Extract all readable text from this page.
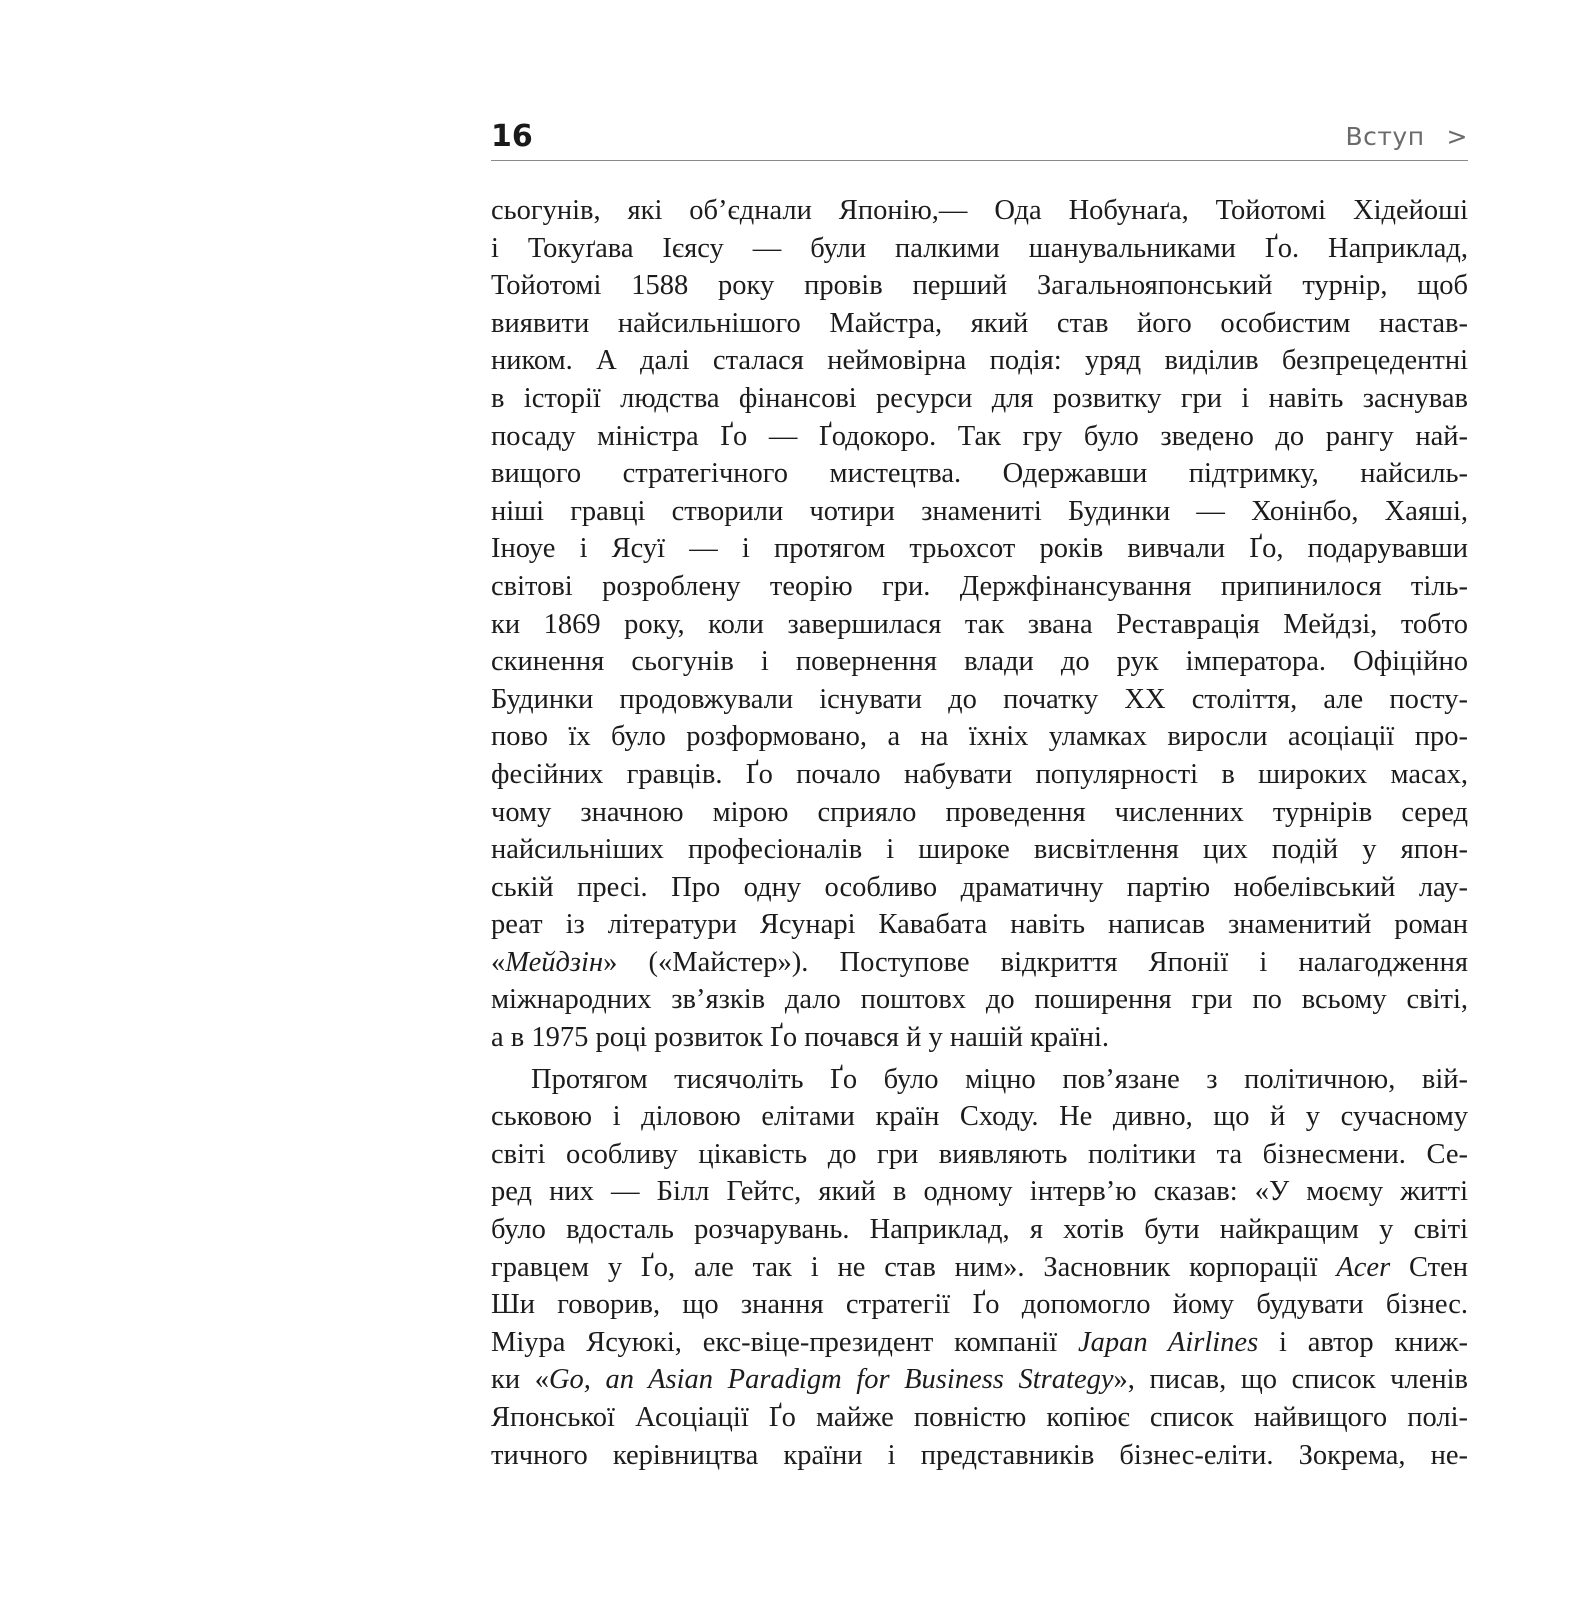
16	Вступ >
сьогунів, які об’єднали Японію,— Ода Нобунаґа, Тойотомі Хідейоші
і Токуґава Ієясу — були палкими шанувальниками Ґо. Наприклад,
Тойотомі 1588 року провів перший Загальнояпонський турнір, щоб
виявити найсильнішого Майстра, який став його особистим настав-
ником. А далі сталася неймовірна подія: уряд виділив безпрецедентні
в історії людства фінансові ресурси для розвитку гри і навіть заснував
посаду міністра Ґо — Ґодокоро. Так гру було зведено до рангу най-
вищого стратегічного мистецтва. Одержавши підтримку, найсиль-
ніші гравці створили чотири знамениті Будинки — Хонінбо, Хаяші,
Іноуе і Ясуї — і протягом трьохсот років вивчали Ґо, подарувавши
світові розроблену теорію гри. Держфінансування припинилося тіль-
ки 1869 року, коли завершилася так звана Реставрація Мейдзі, тобто
скинення сьогунів і повернення влади до рук імператора. Офіційно
Будинки продовжували існувати до початку XX століття, але посту-
пово їх було розформовано, а на їхніх уламках виросли асоціації про-
фесійних гравців. Ґо почало набувати популярності в широких масах,
чому значною мірою сприяло проведення численних турнірів серед
найсильніших професіоналів і широке висвітлення цих подій у япон-
ській пресі. Про одну особливо драматичну партію нобелівський лау-
реат із літератури Ясунарі Кавабата навіть написав знаменитий роман
«Мейдзін» («Майстер»). Поступове відкриття Японії і налагодження
міжнародних зв’язків дало поштовх до поширення гри по всьому світі,
а в 1975 році розвиток Ґо почався й у нашій країні.
Протягом тисячоліть Ґо було міцно пов’язане з політичною, вій-
ськовою і діловою елітами країн Сходу. Не дивно, що й у сучасному
світі особливу цікавість до гри виявляють політики та бізнесмени. Се-
ред них — Білл Гейтс, який в одному інтерв’ю сказав: «У моєму житті
було вдосталь розчарувань. Наприклад, я хотів бути найкращим у світі
гравцем у Ґо, але так і не став ним». Засновник корпорації Acer Стен
Ши говорив, що знання стратегії Ґо допомогло йому будувати бізнес.
Міура Ясуюкі, екс-віце-президент компанії Japan Airlines і автор книж-
ки «Go, an Asian Paradigm for Business Strategy», писав, що список членів
Японської Асоціації Ґо майже повністю копіює список найвищого полі-
тичного керівництва країни і представників бізнес-еліти. Зокрема, не-
